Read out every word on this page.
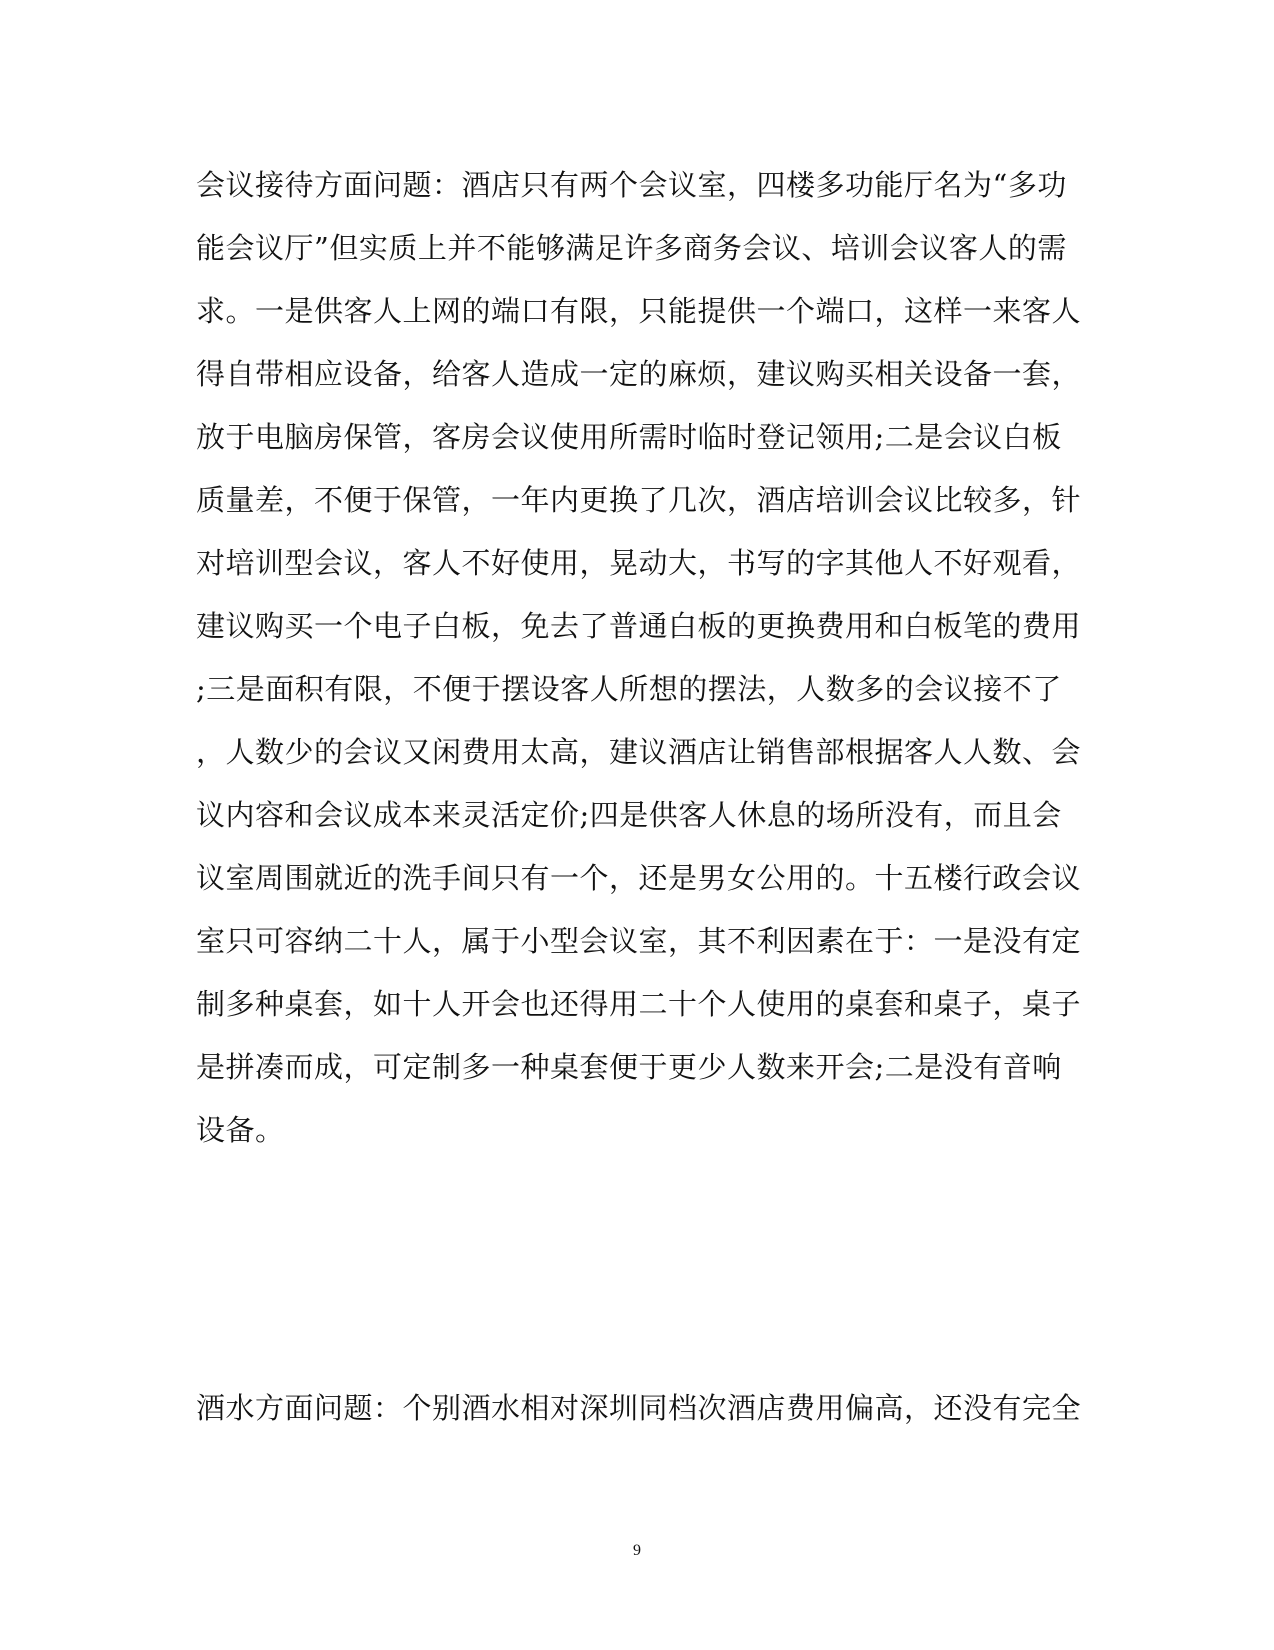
会议接待方面问题：酒店只有两个会议室，四楼多功能厅名为“多功
能会议厅”但实质上并不能够满足许多商务会议、培训会议客人的需
求。一是供客人上网的端口有限，只能提供一个端口，这样一来客人
得自带相应设备，给客人造成一定的麻烦，建议购买相关设备一套，
放于电脑房保管，客房会议使用所需时临时登记领用;二是会议白板
质量差，不便于保管，一年内更换了几次，酒店培训会议比较多，针
对培训型会议，客人不好使用，晃动大，书写的字其他人不好观看，
建议购买一个电子白板，免去了普通白板的更换费用和白板笔的费用
;三是面积有限，不便于摆设客人所想的摆法，人数多的会议接不了
，人数少的会议又闲费用太高，建议酒店让销售部根据客人人数、会
议内容和会议成本来灵活定价;四是供客人休息的场所没有，而且会
议室周围就近的洗手间只有一个，还是男女公用的。十五楼行政会议
室只可容纳二十人，属于小型会议室，其不利因素在于：一是没有定
制多种桌套，如十人开会也还得用二十个人使用的桌套和桌子，桌子
是拼凑而成，可定制多一种桌套便于更少人数来开会;二是没有音响
设备。
酒水方面问题：个别酒水相对深圳同档次酒店费用偏高，还没有完全
9
